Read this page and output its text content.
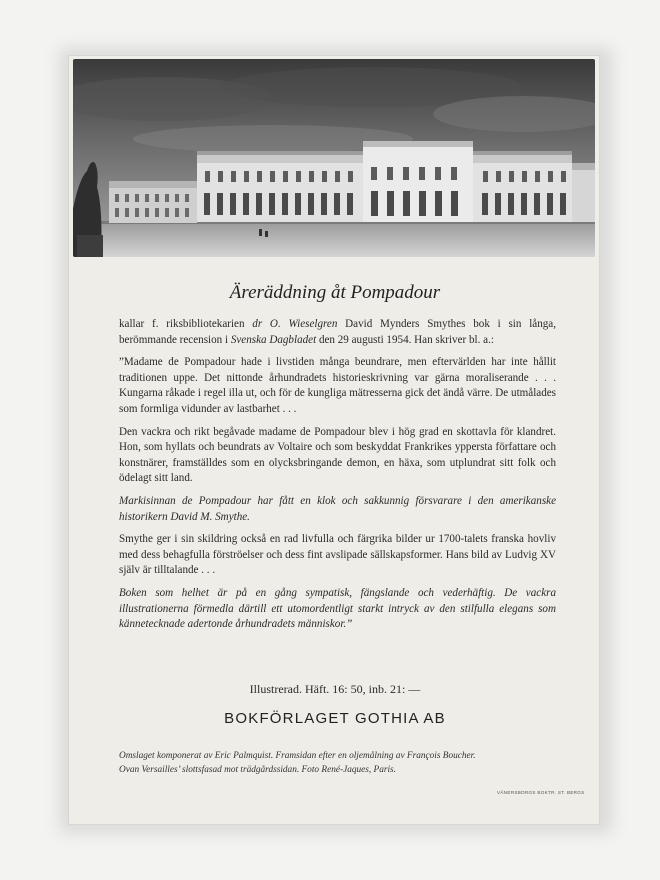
Äreräddning åt Pompadour

kallar f. riksbibliotekarien dr O. Wieselgren David Mynders Smythes bok i sin långa, berömmande recension i Svenska Dagbladet den 29 augusti 1954. Han skriver bl. a.:

”Madame de Pompadour hade i livstiden många beundrare, men eftervärlden har inte hållit traditionen uppe. Det nittonde århundradets historieskrivning var gärna moraliserande . . . Kungarna råkade i regel illa ut, och för de kungliga mätresserna gick det ändå värre. De utmålades som formliga vidunder av lastbarhet . . .

Den vackra och rikt begåvade madame de Pompadour blev i hög grad en skottavla för klandret. Hon, som hyllats och beundrats av Voltaire och som beskyddat Frankrikes yppersta författare och konstnärer, framställdes som en olycksbringande demon, en häxa, som utplundrat sitt folk och ödelagt sitt land.

Markisinnan de Pompadour har fått en klok och sakkunnig försvarare i den amerikanske historikern David M. Smythe.

Smythe ger i sin skildring också en rad livfulla och färgrika bilder ur 1700-talets franska hovliv med dess behagfulla förströelser och dess fint avslipade sällskapsformer. Hans bild av Ludvig XV själv är tilltalande . . .

Boken som helhet är på en gång sympatisk, fängslande och vederhäftig. De vackra illustrationerna förmedla därtill ett utomordentligt starkt intryck av den stilfulla elegans som kännetecknade adertonde århundradets människor.”

Illustrerad. Häft. 16: 50, inb. 21: —
BOKFÖRLAGET GOTHIA AB
Omslaget komponerat av Eric Palmquist. Framsidan efter en oljemålning av François Boucher.
Ovan Versailles’ slottsfasad mot trädgårdssidan. Foto René-Jaques, Paris.
VÄNERSBORGS BOKTR. ST. BERGS
